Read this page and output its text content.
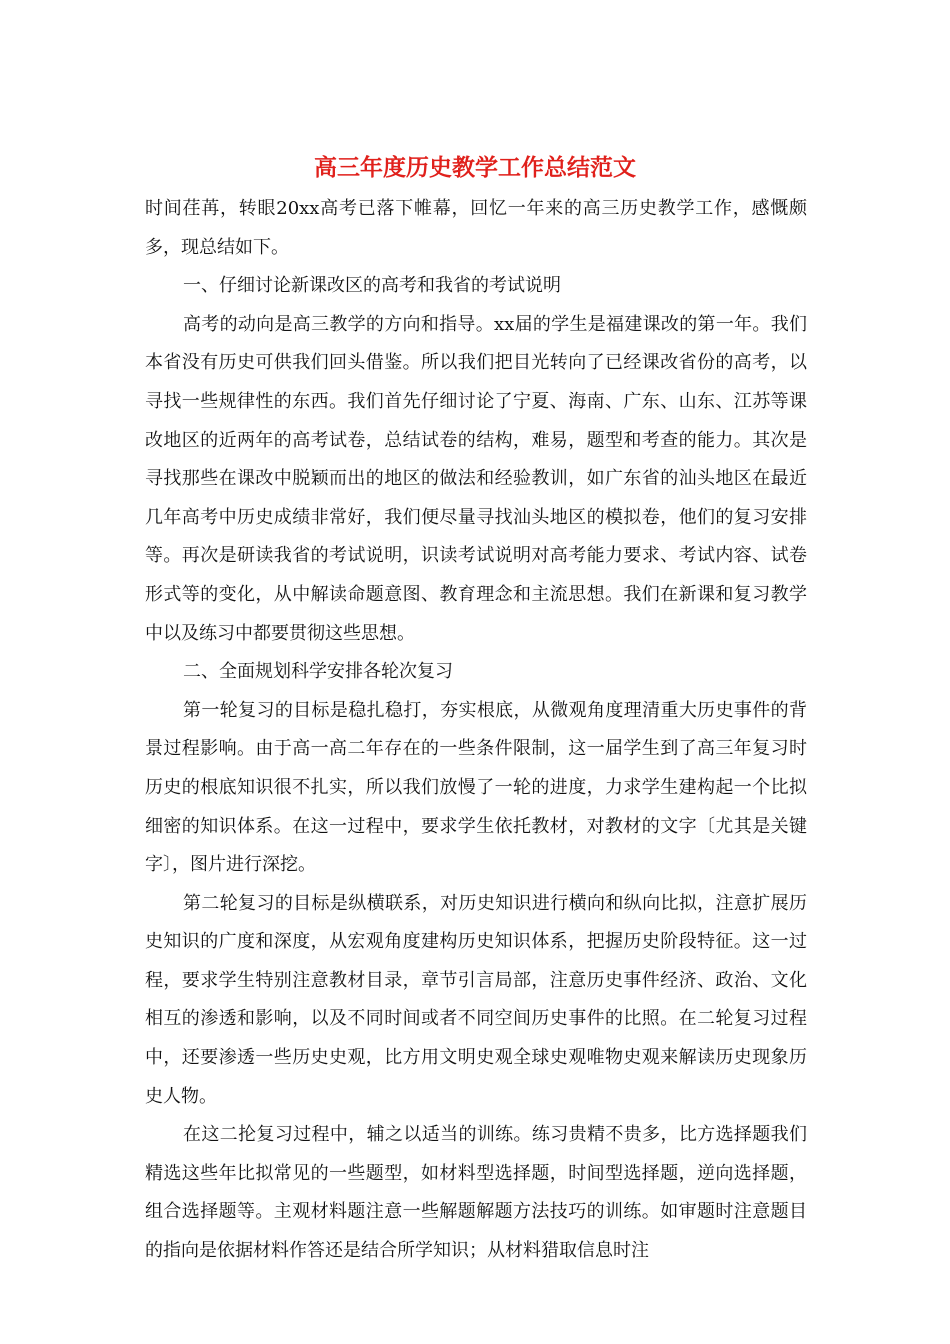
高三年度历史教学工作总结范文

时间荏苒，转眼20xx高考已落下帷幕，回忆一年来的高三历史教学工作，感慨颇多，现总结如下。

一、仔细讨论新课改区的高考和我省的考试说明

高考的动向是高三教学的方向和指导。xx届的学生是福建课改的第一年。我们本省没有历史可供我们回头借鉴。所以我们把目光转向了已经课改省份的高考，以寻找一些规律性的东西。我们首先仔细讨论了宁夏、海南、广东、山东、江苏等课改地区的近两年的高考试卷，总结试卷的结构，难易，题型和考查的能力。其次是寻找那些在课改中脱颖而出的地区的做法和经验教训，如广东省的汕头地区在最近几年高考中历史成绩非常好，我们便尽量寻找汕头地区的模拟卷，他们的复习安排等。再次是研读我省的考试说明，识读考试说明对高考能力要求、考试内容、试卷形式等的变化，从中解读命题意图、教育理念和主流思想。我们在新课和复习教学中以及练习中都要贯彻这些思想。

二、全面规划科学安排各轮次复习

第一轮复习的目标是稳扎稳打，夯实根底，从微观角度理清重大历史事件的背景过程影响。由于高一高二年存在的一些条件限制，这一届学生到了高三年复习时历史的根底知识很不扎实，所以我们放慢了一轮的进度，力求学生建构起一个比拟细密的知识体系。在这一过程中，要求学生依托教材，对教材的文字〔尤其是关键字〕，图片进行深挖。

第二轮复习的目标是纵横联系，对历史知识进行横向和纵向比拟，注意扩展历史知识的广度和深度，从宏观角度建构历史知识体系，把握历史阶段特征。这一过程，要求学生特别注意教材目录，章节引言局部，注意历史事件经济、政治、文化相互的渗透和影响，以及不同时间或者不同空间历史事件的比照。在二轮复习过程中，还要渗透一些历史史观，比方用文明史观全球史观唯物史观来解读历史现象历史人物。

在这二抡复习过程中，辅之以适当的训练。练习贵精不贵多，比方选择题我们精选这些年比拟常见的一些题型，如材料型选择题，时间型选择题，逆向选择题，组合选择题等。主观材料题注意一些解题解题方法技巧的训练。如审题时注意题目的指向是依据材料作答还是结合所学知识；从材料猎取信息时注
